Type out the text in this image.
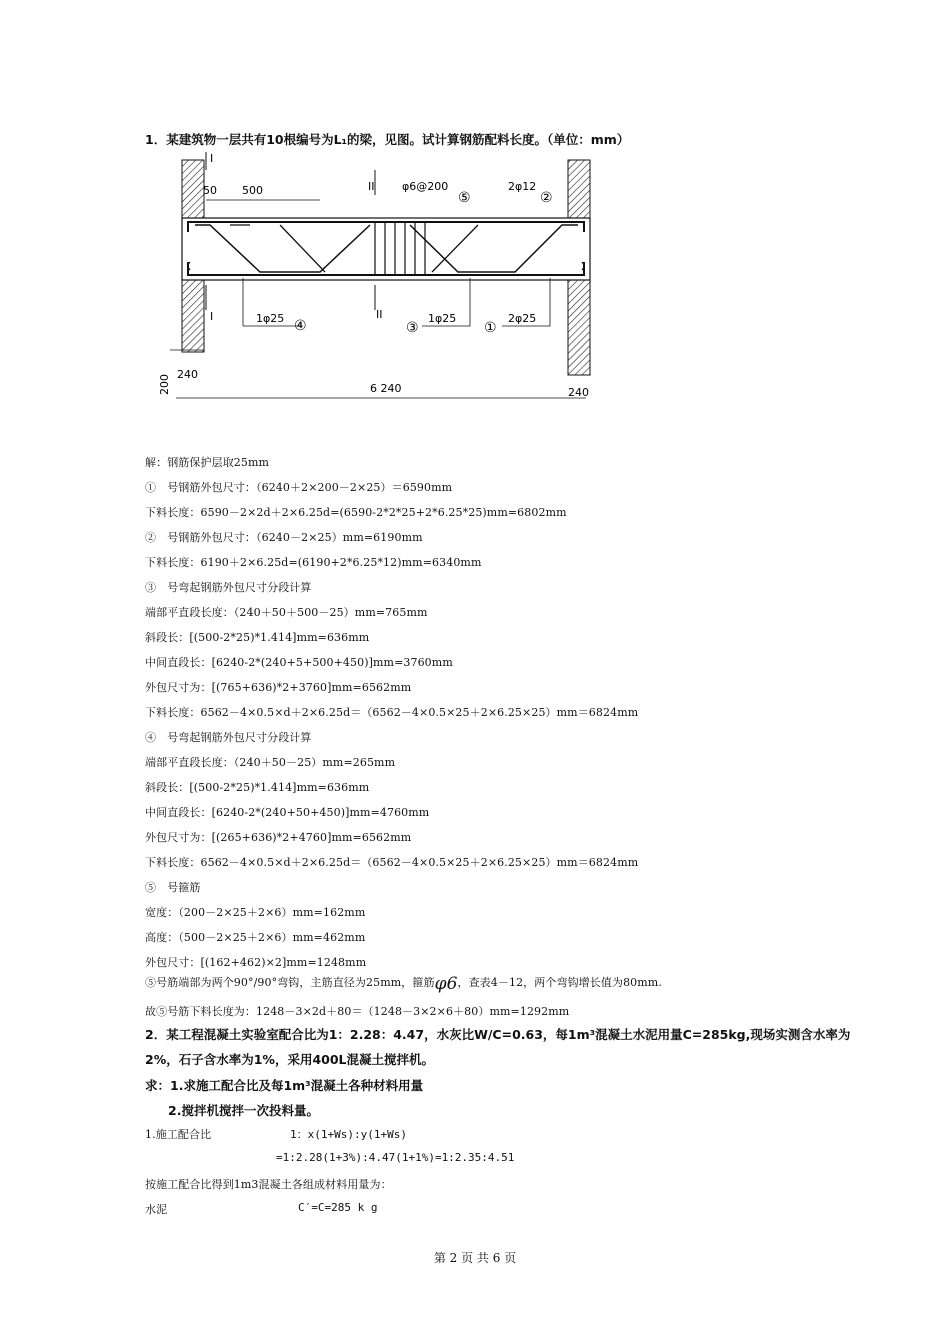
1．某建筑物一层共有10根编号为L₁的梁，见图。试计算钢筋配料长度。（单位：mm）
I
I
II
II
50 500
200 240
240
6 240
φ6@200
⑤
2φ12
②
1φ25 ④	③
1φ25
①
2φ25
解：钢筋保护层取25mm
①　号钢筋外包尺寸：（6240＋2×200－2×25）＝6590mm
下料长度：6590－2×2d＋2×6.25d=(6590-2*2*25+2*6.25*25)mm=6802mm
②　号钢筋外包尺寸：（6240－2×25）mm=6190mm
下料长度：6190＋2×6.25d=(6190+2*6.25*12)mm=6340mm
③　号弯起钢筋外包尺寸分段计算
端部平直段长度：（240＋50＋500－25）mm=765mm
斜段长：[(500-2*25)*1.414]mm=636mm
中间直段长：[6240-2*(240+5+500+450)]mm=3760mm
外包尺寸为：[(765+636)*2+3760]mm=6562mm
下料长度：6562－4×0.5×d＋2×6.25d＝（6562－4×0.5×25＋2×6.25×25）mm＝6824mm
④　号弯起钢筋外包尺寸分段计算
端部平直段长度：（240＋50－25）mm=265mm
斜段长：[(500-2*25)*1.414]mm=636mm
中间直段长：[6240-2*(240+50+450)]mm=4760mm
外包尺寸为：[(265+636)*2+4760]mm=6562mm
下料长度：6562－4×0.5×d＋2×6.25d＝（6562－4×0.5×25＋2×6.25×25）mm＝6824mm
⑤　号箍筋
宽度：（200－2×25＋2×6）mm=162mm
高度：（500－2×25＋2×6）mm=462mm
外包尺寸：[(162+462)×2]mm=1248mm
⑤号筋端部为两个90°/90°弯钩，主筋直径为25mm，箍筋φ6，查表4－12，两个弯钩增长值为80mm.
故⑤号筋下料长度为：1248－3×2d＋80＝（1248－3×2×6＋80）mm=1292mm
2．某工程混凝土实验室配合比为1：2.28：4.47，水灰比W/C=0.63，每1m³混凝土水泥用量C=285kg,现场实测含水率为
2%，石子含水率为1%，采用400L混凝土搅拌机。
求：1.求施工配合比及每1m³混凝土各种材料用量
2.搅拌机搅拌一次投料量。
1.施工配合比	1：x(1+Ws):y(1+Ws)
=1:2.28(1+3%):4.47(1+1%)=1:2.35:4.51
按施工配合比得到1m3混凝土各组成材料用量为：
水泥	C′=C=285 k g
第 2 页 共 6 页
